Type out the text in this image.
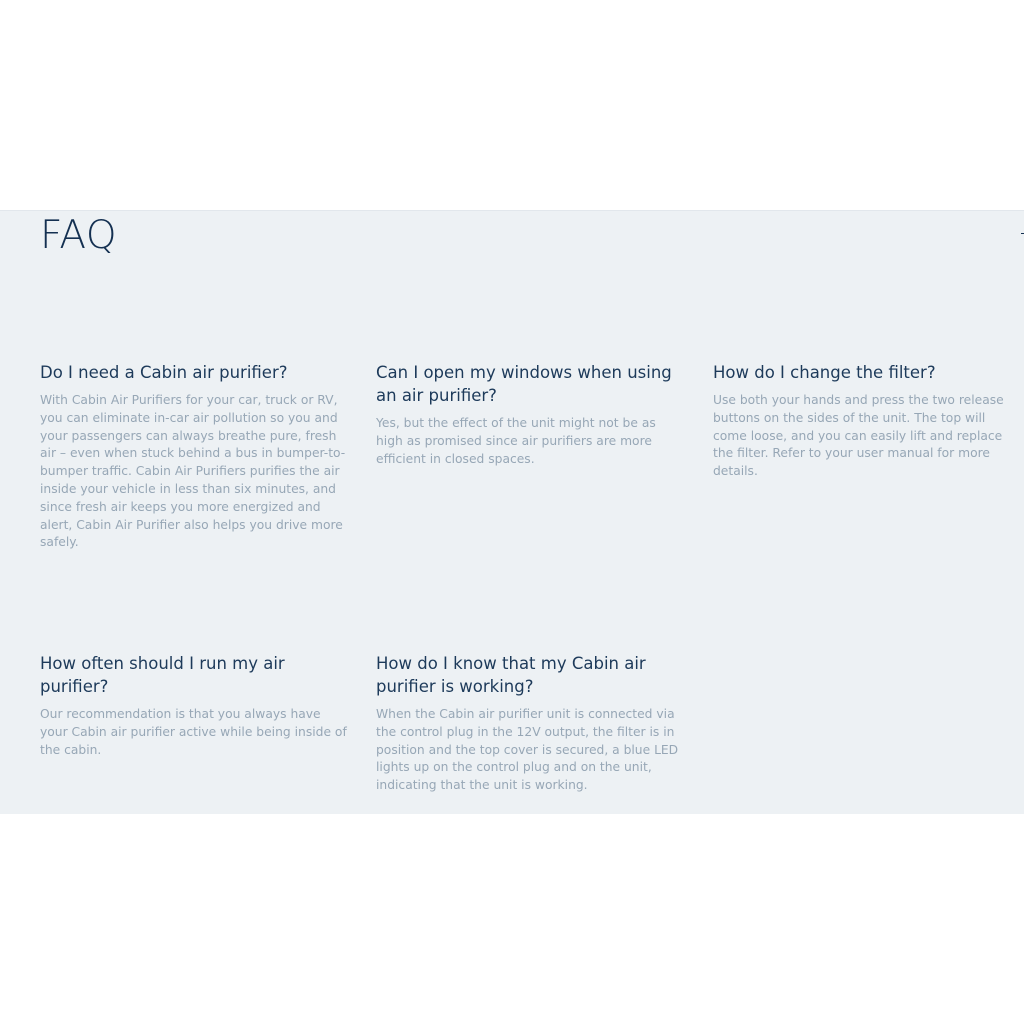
FAQ
Do I need a Cabin air purifier?

With Cabin Air Purifiers for your car, truck or RV, you can eliminate in-car air pollution so you and your passengers can always breathe pure, fresh air – even when stuck behind a bus in bumper-to-bumper traffic. Cabin Air Purifiers purifies the air inside your vehicle in less than six minutes, and since fresh air keeps you more energized and alert, Cabin Air Purifier also helps you drive more safely.

Can I open my windows when using an air purifier?

Yes, but the effect of the unit might not be as high as promised since air purifiers are more efficient in closed spaces.

How do I change the filter?

Use both your hands and press the two release buttons on the sides of the unit. The top will come loose, and you can easily lift and replace the filter. Refer to your user manual for more details.

How often should I run my air purifier?

Our recommendation is that you always have your Cabin air purifier active while being inside of the cabin.

How do I know that my Cabin air purifier is working?

When the Cabin air purifier unit is connected via the control plug in the 12V output, the filter is in position and the top cover is secured, a blue LED lights up on the control plug and on the unit, indicating that the unit is working.
